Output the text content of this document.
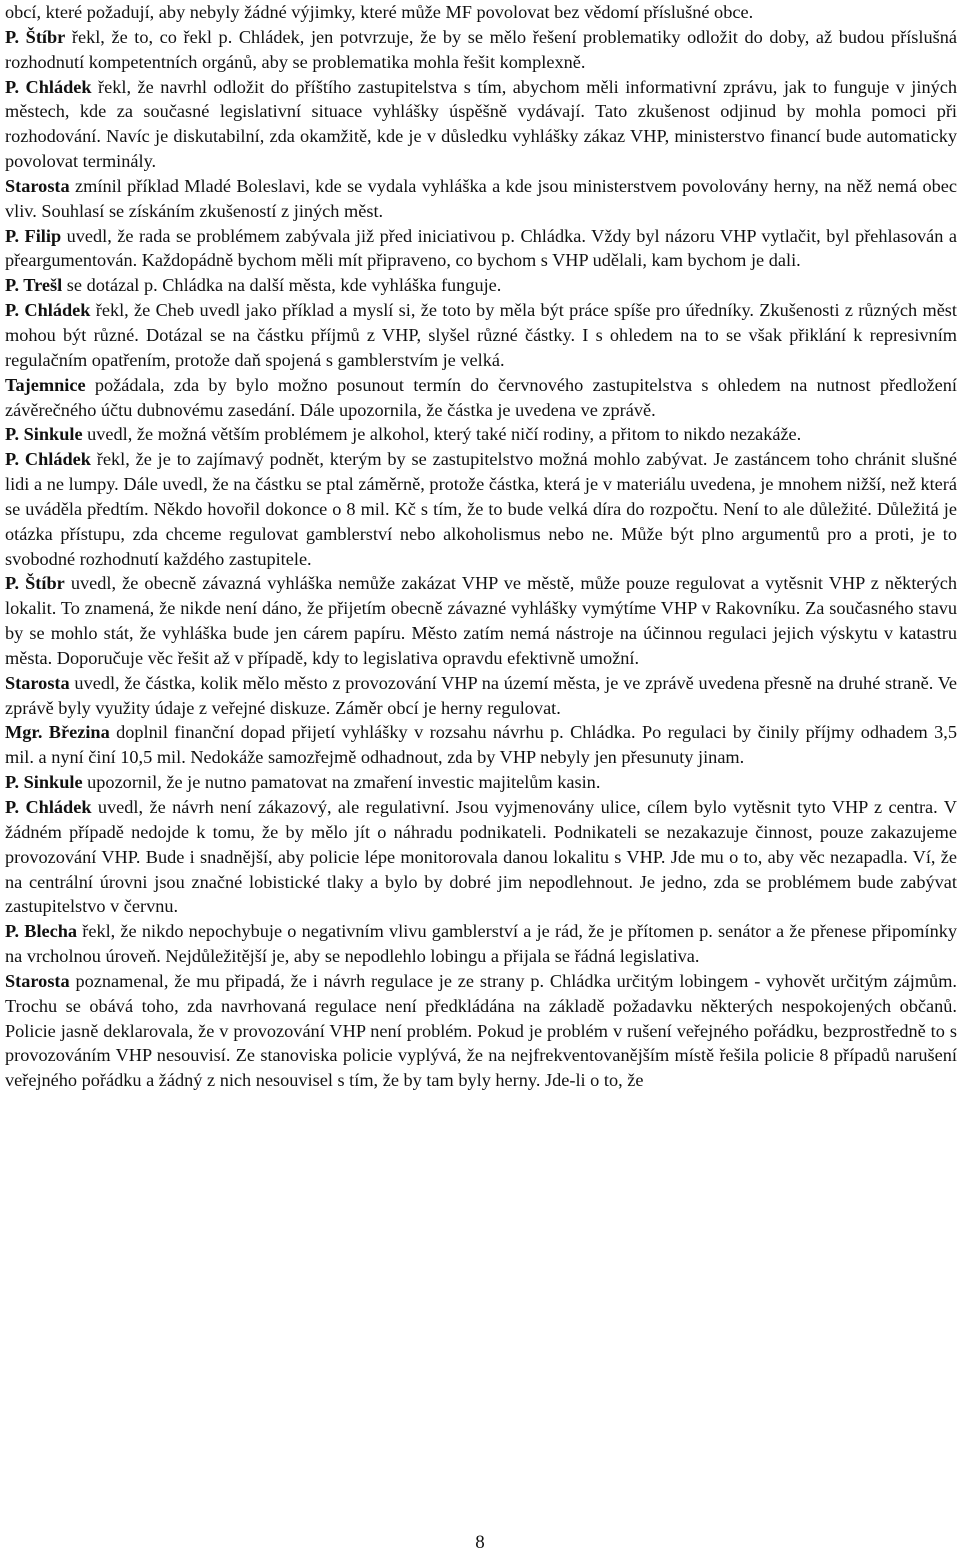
obcí, které požadují, aby nebyly žádné výjimky, které může MF povolovat bez vědomí příslušné obce.

P. Štíbr řekl, že to, co řekl p. Chládek, jen potvrzuje, že by se mělo řešení problematiky odložit do doby, až budou příslušná rozhodnutí kompetentních orgánů, aby se problematika mohla řešit komplexně.

P. Chládek řekl, že navrhl odložit do příštího zastupitelstva s tím, abychom měli informativní zprávu, jak to funguje v jiných městech, kde za současné legislativní situace vyhlášky úspěšně vydávají. Tato zkušenost odjinud by mohla pomoci při rozhodování. Navíc je diskutabilní, zda okamžitě, kde je v důsledku vyhlášky zákaz VHP, ministerstvo financí bude automaticky povolovat terminály.

Starosta zmínil příklad Mladé Boleslavi, kde se vydala vyhláška a kde jsou ministerstvem povolovány herny, na něž nemá obec vliv. Souhlasí se získáním zkušeností z jiných měst.

P. Filip uvedl, že rada se problémem zabývala již před iniciativou p. Chládka. Vždy byl názoru VHP vytlačit, byl přehlasován a přeargumentován. Každopádně bychom měli mít připraveno, co bychom s VHP udělali, kam bychom je dali.

P. Trešl se dotázal p. Chládka na další města, kde vyhláška funguje.

P. Chládek řekl, že Cheb uvedl jako příklad a myslí si, že toto by měla být práce spíše pro úředníky. Zkušenosti z různých měst mohou být různé. Dotázal se na částku příjmů z VHP, slyšel různé částky. I s ohledem na to se však přiklání k represivním regulačním opatřením, protože daň spojená s gamblerstvím je velká.

Tajemnice požádala, zda by bylo možno posunout termín do červnového zastupitelstva s ohledem na nutnost předložení závěrečného účtu dubnovému zasedání. Dále upozornila, že částka je uvedena ve zprávě.

P. Sinkule uvedl, že možná větším problémem je alkohol, který také ničí rodiny, a přitom to nikdo nezakáže.

P. Chládek řekl, že je to zajímavý podnět, kterým by se zastupitelstvo možná mohlo zabývat. Je zastáncem toho chránit slušné lidi a ne lumpy. Dále uvedl, že na částku se ptal záměrně, protože částka, která je v materiálu uvedena, je mnohem nižší, než která se uváděla předtím. Někdo hovořil dokonce o 8 mil. Kč s tím, že to bude velká díra do rozpočtu. Není to ale důležité. Důležitá je otázka přístupu, zda chceme regulovat gamblerství nebo alkoholismus nebo ne. Může být plno argumentů pro a proti, je to svobodné rozhodnutí každého zastupitele.

P. Štíbr uvedl, že obecně závazná vyhláška nemůže zakázat VHP ve městě, může pouze regulovat a vytěsnit VHP z některých lokalit. To znamená, že nikde není dáno, že přijetím obecně závazné vyhlášky vymýtíme VHP v Rakovníku. Za současného stavu by se mohlo stát, že vyhláška bude jen cárem papíru. Město zatím nemá nástroje na účinnou regulaci jejich výskytu v katastru města. Doporučuje věc řešit až v případě, kdy to legislativa opravdu efektivně umožní.

Starosta uvedl, že částka, kolik mělo město z provozování VHP na území města, je ve zprávě uvedena přesně na druhé straně. Ve zprávě byly využity údaje z veřejné diskuze. Záměr obcí je herny regulovat.

Mgr. Březina doplnil finanční dopad přijetí vyhlášky v rozsahu návrhu p. Chládka. Po regulaci by činily příjmy odhadem 3,5 mil. a nyní činí 10,5 mil. Nedokáže samozřejmě odhadnout, zda by VHP nebyly jen přesunuty jinam.

P. Sinkule upozornil, že je nutno pamatovat na zmaření investic majitelům kasin.

P. Chládek uvedl, že návrh není zákazový, ale regulativní. Jsou vyjmenovány ulice, cílem bylo vytěsnit tyto VHP z centra. V žádném případě nedojde k tomu, že by mělo jít o náhradu podnikateli. Podnikateli se nezakazuje činnost, pouze zakazujeme provozování VHP. Bude i snadnější, aby policie lépe monitorovala danou lokalitu s VHP. Jde mu o to, aby věc nezapadla. Ví, že na centrální úrovni jsou značné lobistické tlaky a bylo by dobré jim nepodlehnout. Je jedno, zda se problémem bude zabývat zastupitelstvo v červnu.

P. Blecha řekl, že nikdo nepochybuje o negativním vlivu gamblerství a je rád, že je přítomen p. senátor a že přenese připomínky na vrcholnou úroveň. Nejdůležitější je, aby se nepodlehlo lobingu a přijala se řádná legislativa.

Starosta poznamenal, že mu připadá, že i návrh regulace je ze strany p. Chládka určitým lobingem - vyhovět určitým zájmům. Trochu se obává toho, zda navrhovaná regulace není předkládána na základě požadavku některých nespokojených občanů. Policie jasně deklarovala, že v provozování VHP není problém. Pokud je problém v rušení veřejného pořádku, bezprostředně to s provozováním VHP nesouvisí. Ze stanoviska policie vyplývá, že na nejfrekventovanějším místě řešila policie 8 případů narušení veřejného pořádku a žádný z nich nesouvisel s tím, že by tam byly herny. Jde-li o to, že

8
